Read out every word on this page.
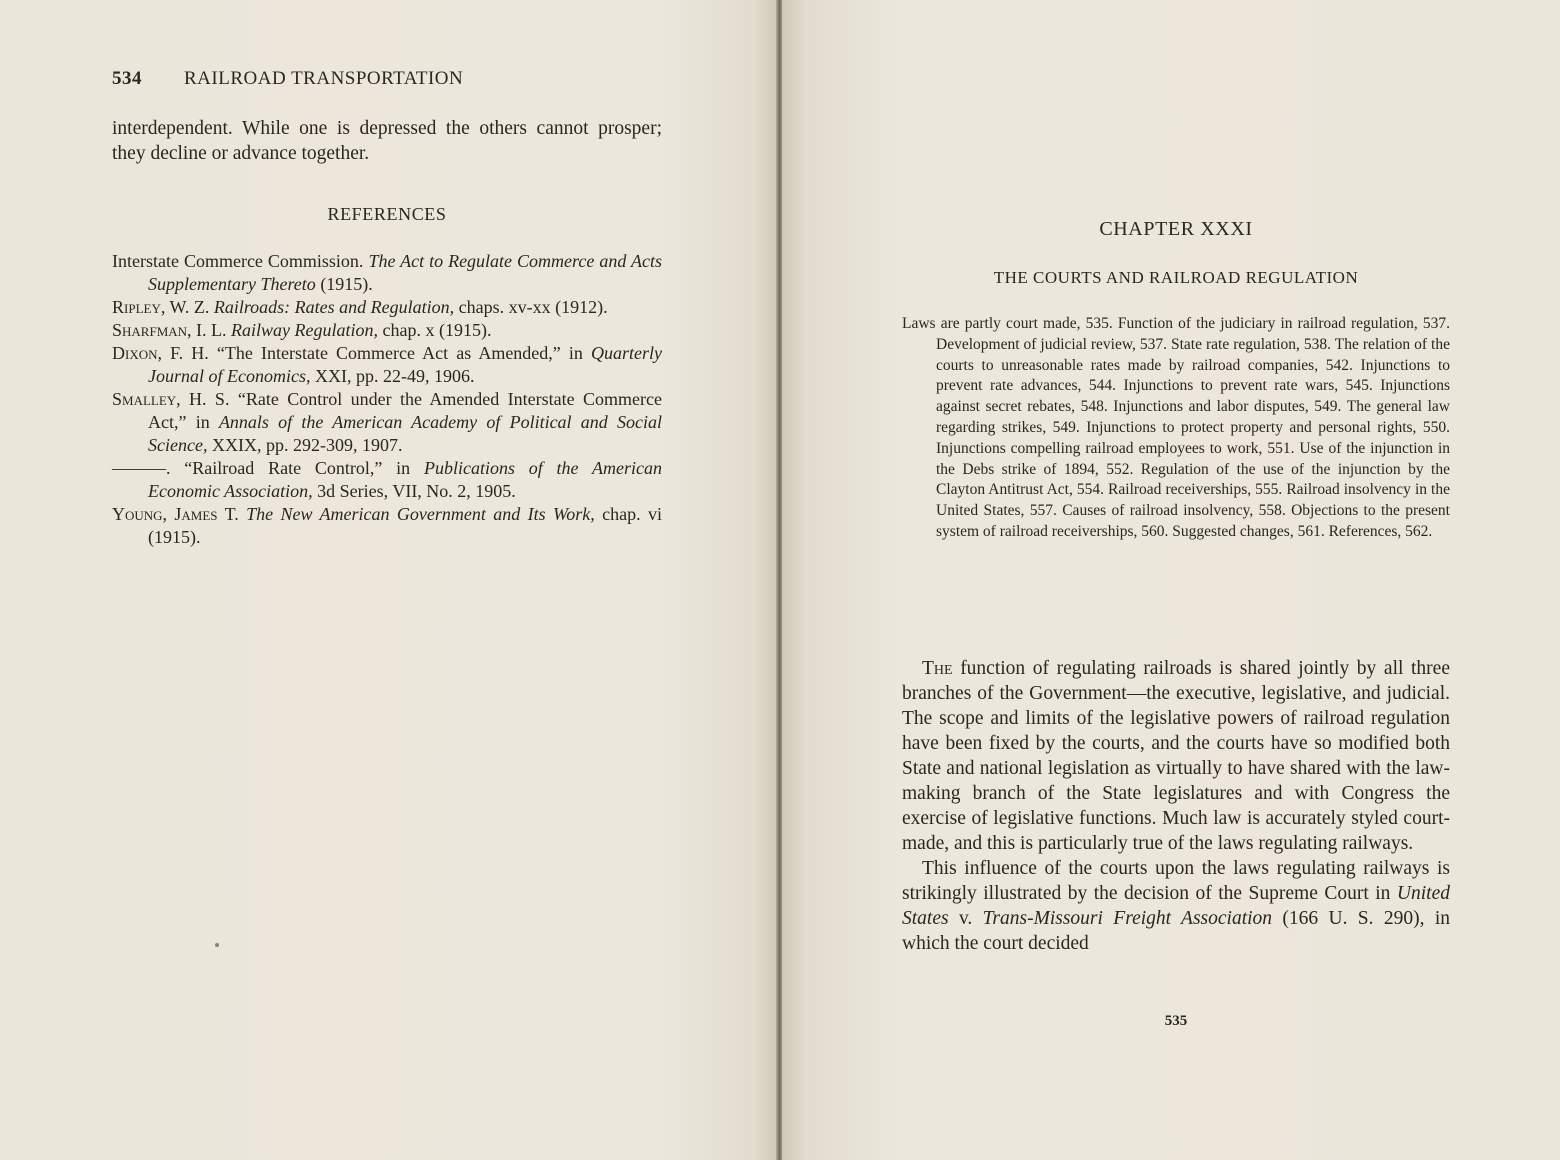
534 RAILROAD TRANSPORTATION
interdependent. While one is depressed the others cannot prosper; they decline or advance together.
REFERENCES
Interstate Commerce Commission. The Act to Regulate Commerce and Acts Supplementary Thereto (1915).
Ripley, W. Z. Railroads: Rates and Regulation, chaps. xv-xx (1912).
Sharfman, I. L. Railway Regulation, chap. x (1915).
Dixon, F. H. “The Interstate Commerce Act as Amended,” in Quarterly Journal of Economics, XXI, pp. 22-49, 1906.
Smalley, H. S. “Rate Control under the Amended Interstate Commerce Act,” in Annals of the American Academy of Political and Social Science, XXIX, pp. 292-309, 1907.
———. “Railroad Rate Control,” in Publications of the American Economic Association, 3d Series, VII, No. 2, 1905.
Young, James T. The New American Government and Its Work, chap. vi (1915).
CHAPTER XXXI
THE COURTS AND RAILROAD REGULATION
Laws are partly court made, 535. Function of the judiciary in railroad regulation, 537. Development of judicial review, 537. State rate regulation, 538. The relation of the courts to unreasonable rates made by railroad companies, 542. Injunctions to prevent rate advances, 544. Injunctions to prevent rate wars, 545. Injunctions against secret rebates, 548. Injunctions and labor disputes, 549. The general law regarding strikes, 549. Injunctions to protect property and personal rights, 550. Injunctions compelling railroad employees to work, 551. Use of the injunction in the Debs strike of 1894, 552. Regulation of the use of the injunction by the Clayton Antitrust Act, 554. Railroad receiverships, 555. Railroad insolvency in the United States, 557. Causes of railroad insolvency, 558. Objections to the present system of railroad receiverships, 560. Suggested changes, 561. References, 562.

The function of regulating railroads is shared jointly by all three branches of the Government—the executive, legislative, and judicial. The scope and limits of the legislative powers of railroad regulation have been fixed by the courts, and the courts have so modified both State and national legislation as virtually to have shared with the law-making branch of the State legislatures and with Congress the exercise of legislative functions. Much law is accurately styled court-made, and this is particularly true of the laws regulating railways.

This influence of the courts upon the laws regulating railways is strikingly illustrated by the decision of the Supreme Court in United States v. Trans-Missouri Freight Association (166 U. S. 290), in which the court decided

535
